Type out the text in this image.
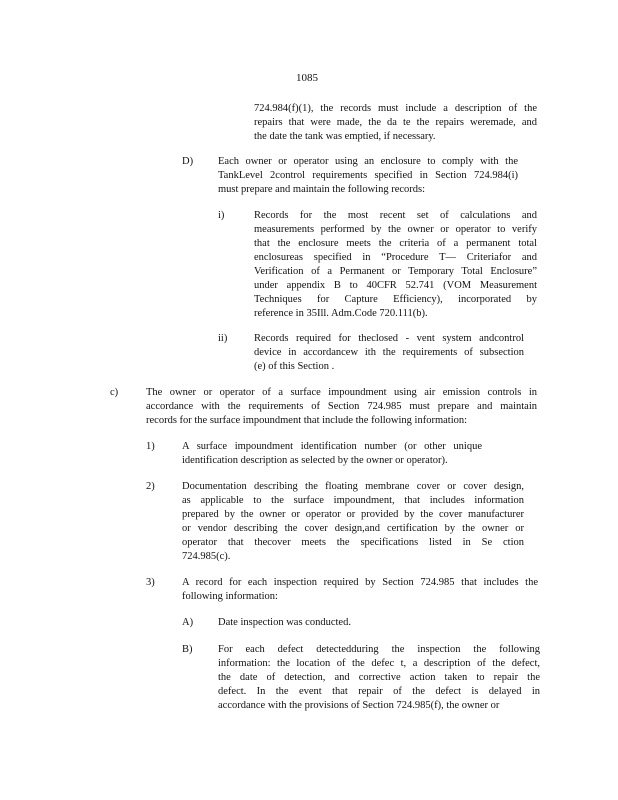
1085
724.984(f)(1), the records must include a description of the
repairs that were made, the da te the repairs weremade, and
the date the tank was emptied, if necessary.
D) Each owner or operator using an enclosure to comply with the
TankLevel 2control requirements specified in Section 724.984(i)
must prepare and maintain the following records:
i)	Records for the most recent set of calculations and
measurements performed by the owner or operator to verify
that the enclosure meets the criteria of a permanent total
enclosureas specified in “Procedure T— Criteriafor and
Verification of a Permanent or Temporary Total Enclosure”
under appendix B to 40CFR 52.741 (VOM Measurement
Techniques for Capture Efficiency), incorporated by
reference in 35Ill. Adm.Code 720.111(b).
ii)	Records required for theclosed - vent system andcontrol
device in accordancew ith the requirements of subsection
(e) of this Section .
c)	The owner or operator of a surface impoundment using air emission controls in
accordance with the requirements of Section 724.985 must prepare and maintain
records for the surface impoundment that include the following information:
1)	A surface impoundment identification number (or other unique
identification description as selected by the owner or operator).
2)	Documentation describing the floating membrane cover or cover design,
as applicable to the surface impoundment, that includes information
prepared by the owner or operator or provided by the cover manufacturer
or vendor describing the cover design,and certification by the owner or
operator that thecover meets the specifications listed in Se ction
724.985(c).
3)	A record for each inspection required by Section 724.985 that includes the
following information:
A) Date inspection was conducted.
B) For each defect detectedduring the inspection the following
information: the location of the defec t, a description of the defect,
the date of detection, and corrective action taken to repair the
defect. In the event that repair of the defect is delayed in
accordance with the provisions of Section 724.985(f), the owner or
